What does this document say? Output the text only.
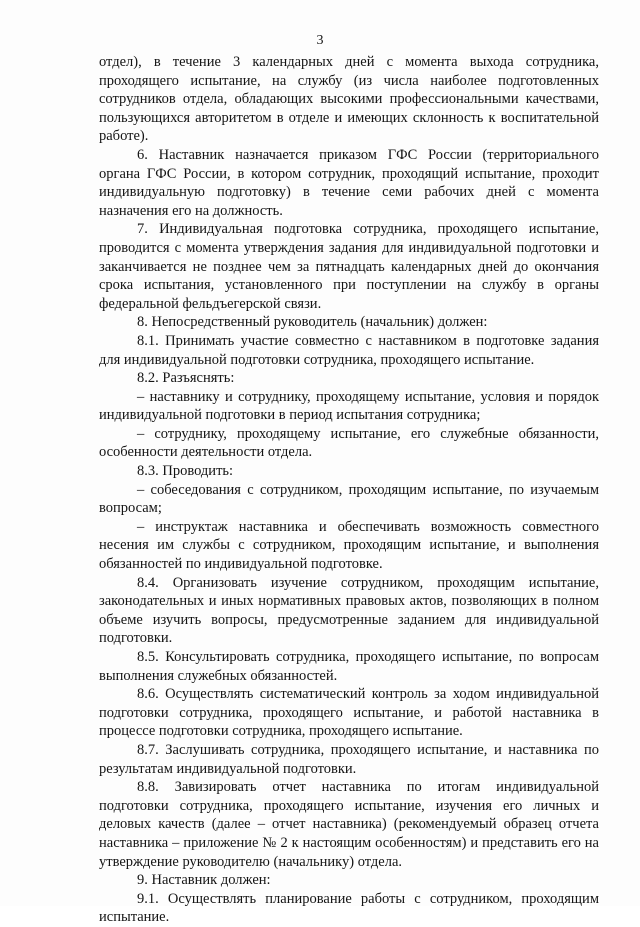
3

отдел), в течение 3 календарных дней с момента выхода сотрудника, проходящего испытание, на службу (из числа наиболее подготовленных сотрудников отдела, обладающих высокими профессиональными качествами, пользующихся авторитетом в отделе и имеющих склонность к воспитательной работе).

6. Наставник назначается приказом ГФС России (территориального органа ГФС России, в котором сотрудник, проходящий испытание, проходит индивидуальную подготовку) в течение семи рабочих дней с момента назначения его на должность.

7. Индивидуальная подготовка сотрудника, проходящего испытание, проводится с момента утверждения задания для индивидуальной подготовки и заканчивается не позднее чем за пятнадцать календарных дней до окончания срока испытания, установленного при поступлении на службу в органы федеральной фельдъегерской связи.

8. Непосредственный руководитель (начальник) должен:

8.1. Принимать участие совместно с наставником в подготовке задания для индивидуальной подготовки сотрудника, проходящего испытание.

8.2. Разъяснять:

– наставнику и сотруднику, проходящему испытание, условия и порядок индивидуальной подготовки в период испытания сотрудника;

– сотруднику, проходящему испытание, его служебные обязанности, особенности деятельности отдела.

8.3. Проводить:

– собеседования с сотрудником, проходящим испытание, по изучаемым вопросам;

– инструктаж наставника и обеспечивать возможность совместного несения им службы с сотрудником, проходящим испытание, и выполнения обязанностей по индивидуальной подготовке.

8.4. Организовать изучение сотрудником, проходящим испытание, законодательных и иных нормативных правовых актов, позволяющих в полном объеме изучить вопросы, предусмотренные заданием для индивидуальной подготовки.

8.5. Консультировать сотрудника, проходящего испытание, по вопросам выполнения служебных обязанностей.

8.6. Осуществлять систематический контроль за ходом индивидуальной подготовки сотрудника, проходящего испытание, и работой наставника в процессе подготовки сотрудника, проходящего испытание.

8.7. Заслушивать сотрудника, проходящего испытание, и наставника по результатам индивидуальной подготовки.

8.8. Завизировать отчет наставника по итогам индивидуальной подготовки сотрудника, проходящего испытание, изучения его личных и деловых качеств (далее – отчет наставника) (рекомендуемый образец отчета наставника – приложение № 2 к настоящим особенностям) и представить его на утверждение руководителю (начальнику) отдела.

9. Наставник должен:

9.1. Осуществлять планирование работы с сотрудником, проходящим испытание.
